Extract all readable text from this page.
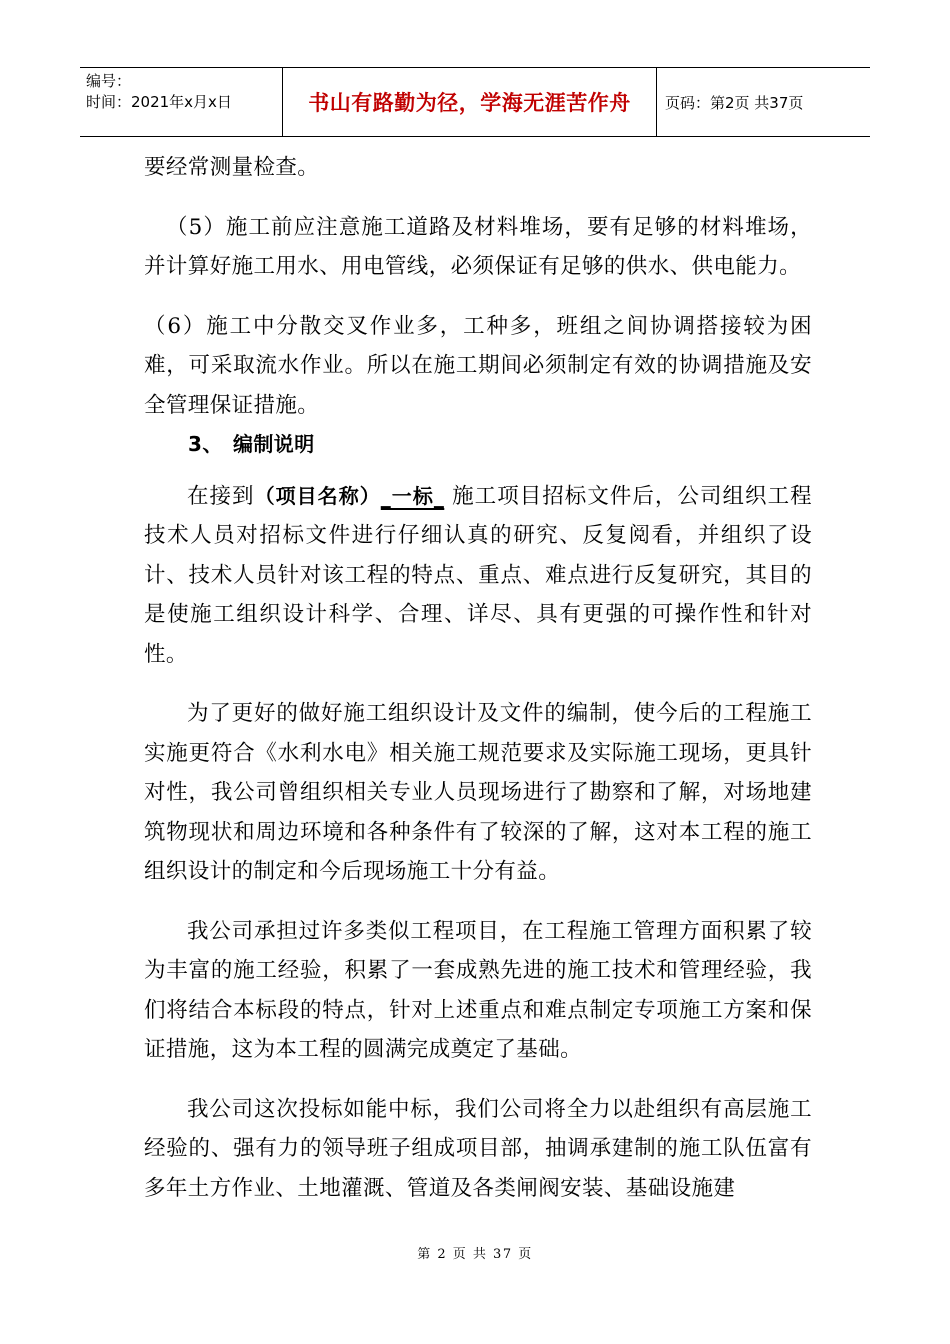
编号：
时间：2021年x月x日	书山有路勤为径，学海无涯苦作舟 页码：第2页 共37页

要经常测量检查。

（5）施工前应注意施工道路及材料堆场，要有足够的材料堆场，并计算好施工用水、用电管线，必须保证有足够的供水、供电能力。

（6）施工中分散交叉作业多，工种多，班组之间协调搭接较为困难，可采取流水作业。所以在施工期间必须制定有效的协调措施及安全管理保证措施。

3、 编制说明

在接到（项目名称）_一标_ 施工项目招标文件后，公司组织工程技术人员对招标文件进行仔细认真的研究、反复阅看，并组织了设计、技术人员针对该工程的特点、重点、难点进行反复研究，其目的是使施工组织设计科学、合理、详尽、具有更强的可操作性和针对性。

为了更好的做好施工组织设计及文件的编制，使今后的工程施工实施更符合《水利水电》相关施工规范要求及实际施工现场，更具针对性，我公司曾组织相关专业人员现场进行了勘察和了解，对场地建筑物现状和周边环境和各种条件有了较深的了解，这对本工程的施工组织设计的制定和今后现场施工十分有益。

我公司承担过许多类似工程项目，在工程施工管理方面积累了较为丰富的施工经验，积累了一套成熟先进的施工技术和管理经验，我们将结合本标段的特点，针对上述重点和难点制定专项施工方案和保证措施，这为本工程的圆满完成奠定了基础。

我公司这次投标如能中标，我们公司将全力以赴组织有高层施工经验的、强有力的领导班子组成项目部，抽调承建制的施工队伍富有多年土方作业、土地灌溉、管道及各类闸阀安装、基础设施建

第 2 页 共 37 页
